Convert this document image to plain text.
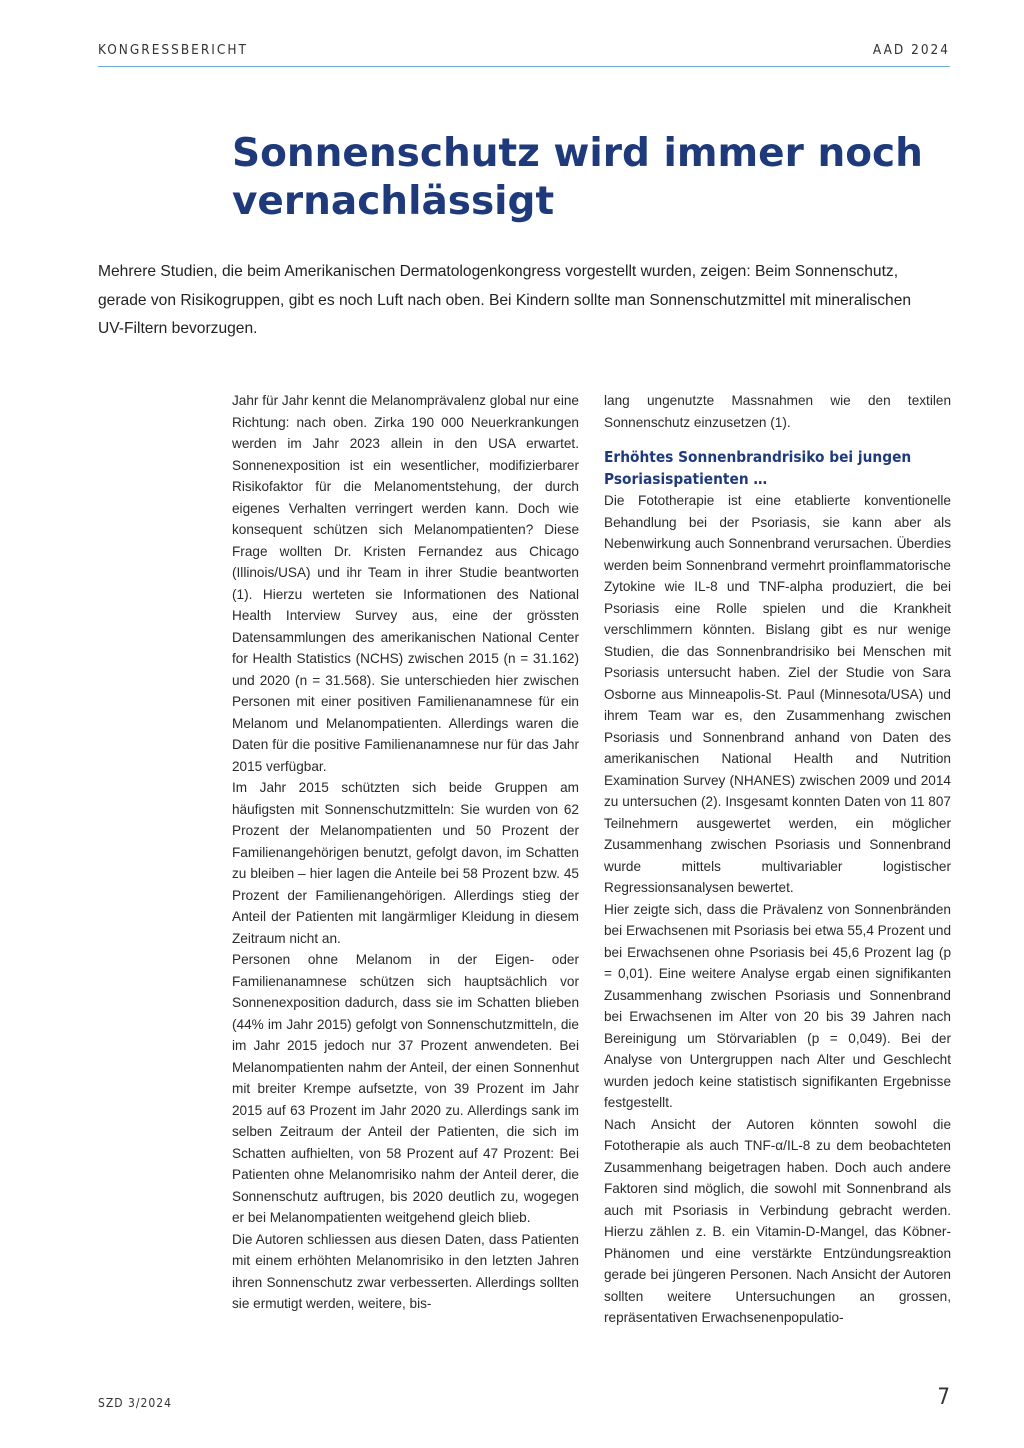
KONGRESSBERICHT	AAD 2024
Sonnenschutz wird immer noch vernachlässigt

Mehrere Studien, die beim Amerikanischen Dermatologenkongress vorgestellt wurden, zeigen: Beim Sonnenschutz, gerade von Risikogruppen, gibt es noch Luft nach oben. Bei Kindern sollte man Sonnenschutzmittel mit mineralischen UV-Filtern bevorzugen.

Jahr für Jahr kennt die Melanomprävalenz global nur eine Richtung: nach oben. Zirka 190 000 Neuerkrankungen werden im Jahr 2023 allein in den USA erwartet. Sonnenexposition ist ein wesentlicher, modifizierbarer Risikofaktor für die Melanomentstehung, der durch eigenes Verhalten verringert werden kann. Doch wie konsequent schützen sich Melanompatienten? Diese Frage wollten Dr. Kristen Fernandez aus Chicago (Illinois/USA) und ihr Team in ihrer Studie beantworten (1). Hierzu werteten sie Informationen des National Health Interview Survey aus, eine der grössten Datensammlungen des amerikanischen National Center for Health Statistics (NCHS) zwischen 2015 (n = 31.162) und 2020 (n = 31.568). Sie unterschieden hier zwischen Personen mit einer positiven Familienanamnese für ein Melanom und Melanompatienten. Allerdings waren die Daten für die positive Familienanamnese nur für das Jahr 2015 verfügbar.

Im Jahr 2015 schützten sich beide Gruppen am häufigsten mit Sonnenschutzmitteln: Sie wurden von 62 Prozent der Melanompatienten und 50 Prozent der Familienangehörigen benutzt, gefolgt davon, im Schatten zu bleiben – hier lagen die Anteile bei 58 Prozent bzw. 45 Prozent der Familienangehörigen. Allerdings stieg der Anteil der Patienten mit langärmliger Kleidung in diesem Zeitraum nicht an.

Personen ohne Melanom in der Eigen- oder Familienanamnese schützen sich hauptsächlich vor Sonnenexposition dadurch, dass sie im Schatten blieben (44% im Jahr 2015) gefolgt von Sonnenschutzmitteln, die im Jahr 2015 jedoch nur 37 Prozent anwendeten. Bei Melanompatienten nahm der Anteil, der einen Sonnenhut mit breiter Krempe aufsetzte, von 39 Prozent im Jahr 2015 auf 63 Prozent im Jahr 2020 zu. Allerdings sank im selben Zeitraum der Anteil der Patienten, die sich im Schatten aufhielten, von 58 Prozent auf 47 Prozent: Bei Patienten ohne Melanomrisiko nahm der Anteil derer, die Sonnenschutz auftrugen, bis 2020 deutlich zu, wogegen er bei Melanompatienten weitgehend gleich blieb.

Die Autoren schliessen aus diesen Daten, dass Patienten mit einem erhöhten Melanomrisiko in den letzten Jahren ihren Sonnenschutz zwar verbesserten. Allerdings sollten sie ermutigt werden, weitere, bis-

lang ungenutzte Massnahmen wie den textilen Sonnenschutz einzusetzen (1).

Erhöhtes Sonnenbrandrisiko bei jungen Psoriasispatienten …

Die Fototherapie ist eine etablierte konventionelle Behandlung bei der Psoriasis, sie kann aber als Nebenwirkung auch Sonnenbrand verursachen. Überdies werden beim Sonnenbrand vermehrt proinflammatorische Zytokine wie IL-8 und TNF-alpha produziert, die bei Psoriasis eine Rolle spielen und die Krankheit verschlimmern könnten. Bislang gibt es nur wenige Studien, die das Sonnenbrandrisiko bei Menschen mit Psoriasis untersucht haben. Ziel der Studie von Sara Osborne aus Minneapolis-St. Paul (Minnesota/USA) und ihrem Team war es, den Zusammenhang zwischen Psoriasis und Sonnenbrand anhand von Daten des amerikanischen National Health and Nutrition Examination Survey (NHANES) zwischen 2009 und 2014 zu untersuchen (2). Insgesamt konnten Daten von 11 807 Teilnehmern ausgewertet werden, ein möglicher Zusammenhang zwischen Psoriasis und Sonnenbrand wurde mittels multivariabler logistischer Regressionsanalysen bewertet.

Hier zeigte sich, dass die Prävalenz von Sonnenbränden bei Erwachsenen mit Psoriasis bei etwa 55,4 Prozent und bei Erwachsenen ohne Psoriasis bei 45,6 Prozent lag (p = 0,01). Eine weitere Analyse ergab einen signifikanten Zusammenhang zwischen Psoriasis und Sonnenbrand bei Erwachsenen im Alter von 20 bis 39 Jahren nach Bereinigung um Störvariablen (p = 0,049). Bei der Analyse von Untergruppen nach Alter und Geschlecht wurden jedoch keine statistisch signifikanten Ergebnisse festgestellt.

Nach Ansicht der Autoren könnten sowohl die Fototherapie als auch TNF-α/IL-8 zu dem beobachteten Zusammenhang beigetragen haben. Doch auch andere Faktoren sind möglich, die sowohl mit Sonnenbrand als auch mit Psoriasis in Verbindung gebracht werden. Hierzu zählen z. B. ein Vitamin-D-Mangel, das Köbner-Phänomen und eine verstärkte Entzündungsreaktion gerade bei jüngeren Personen. Nach Ansicht der Autoren sollten weitere Untersuchungen an grossen, repräsentativen Erwachsenenpopulatio-

SZD 3/2024	7
